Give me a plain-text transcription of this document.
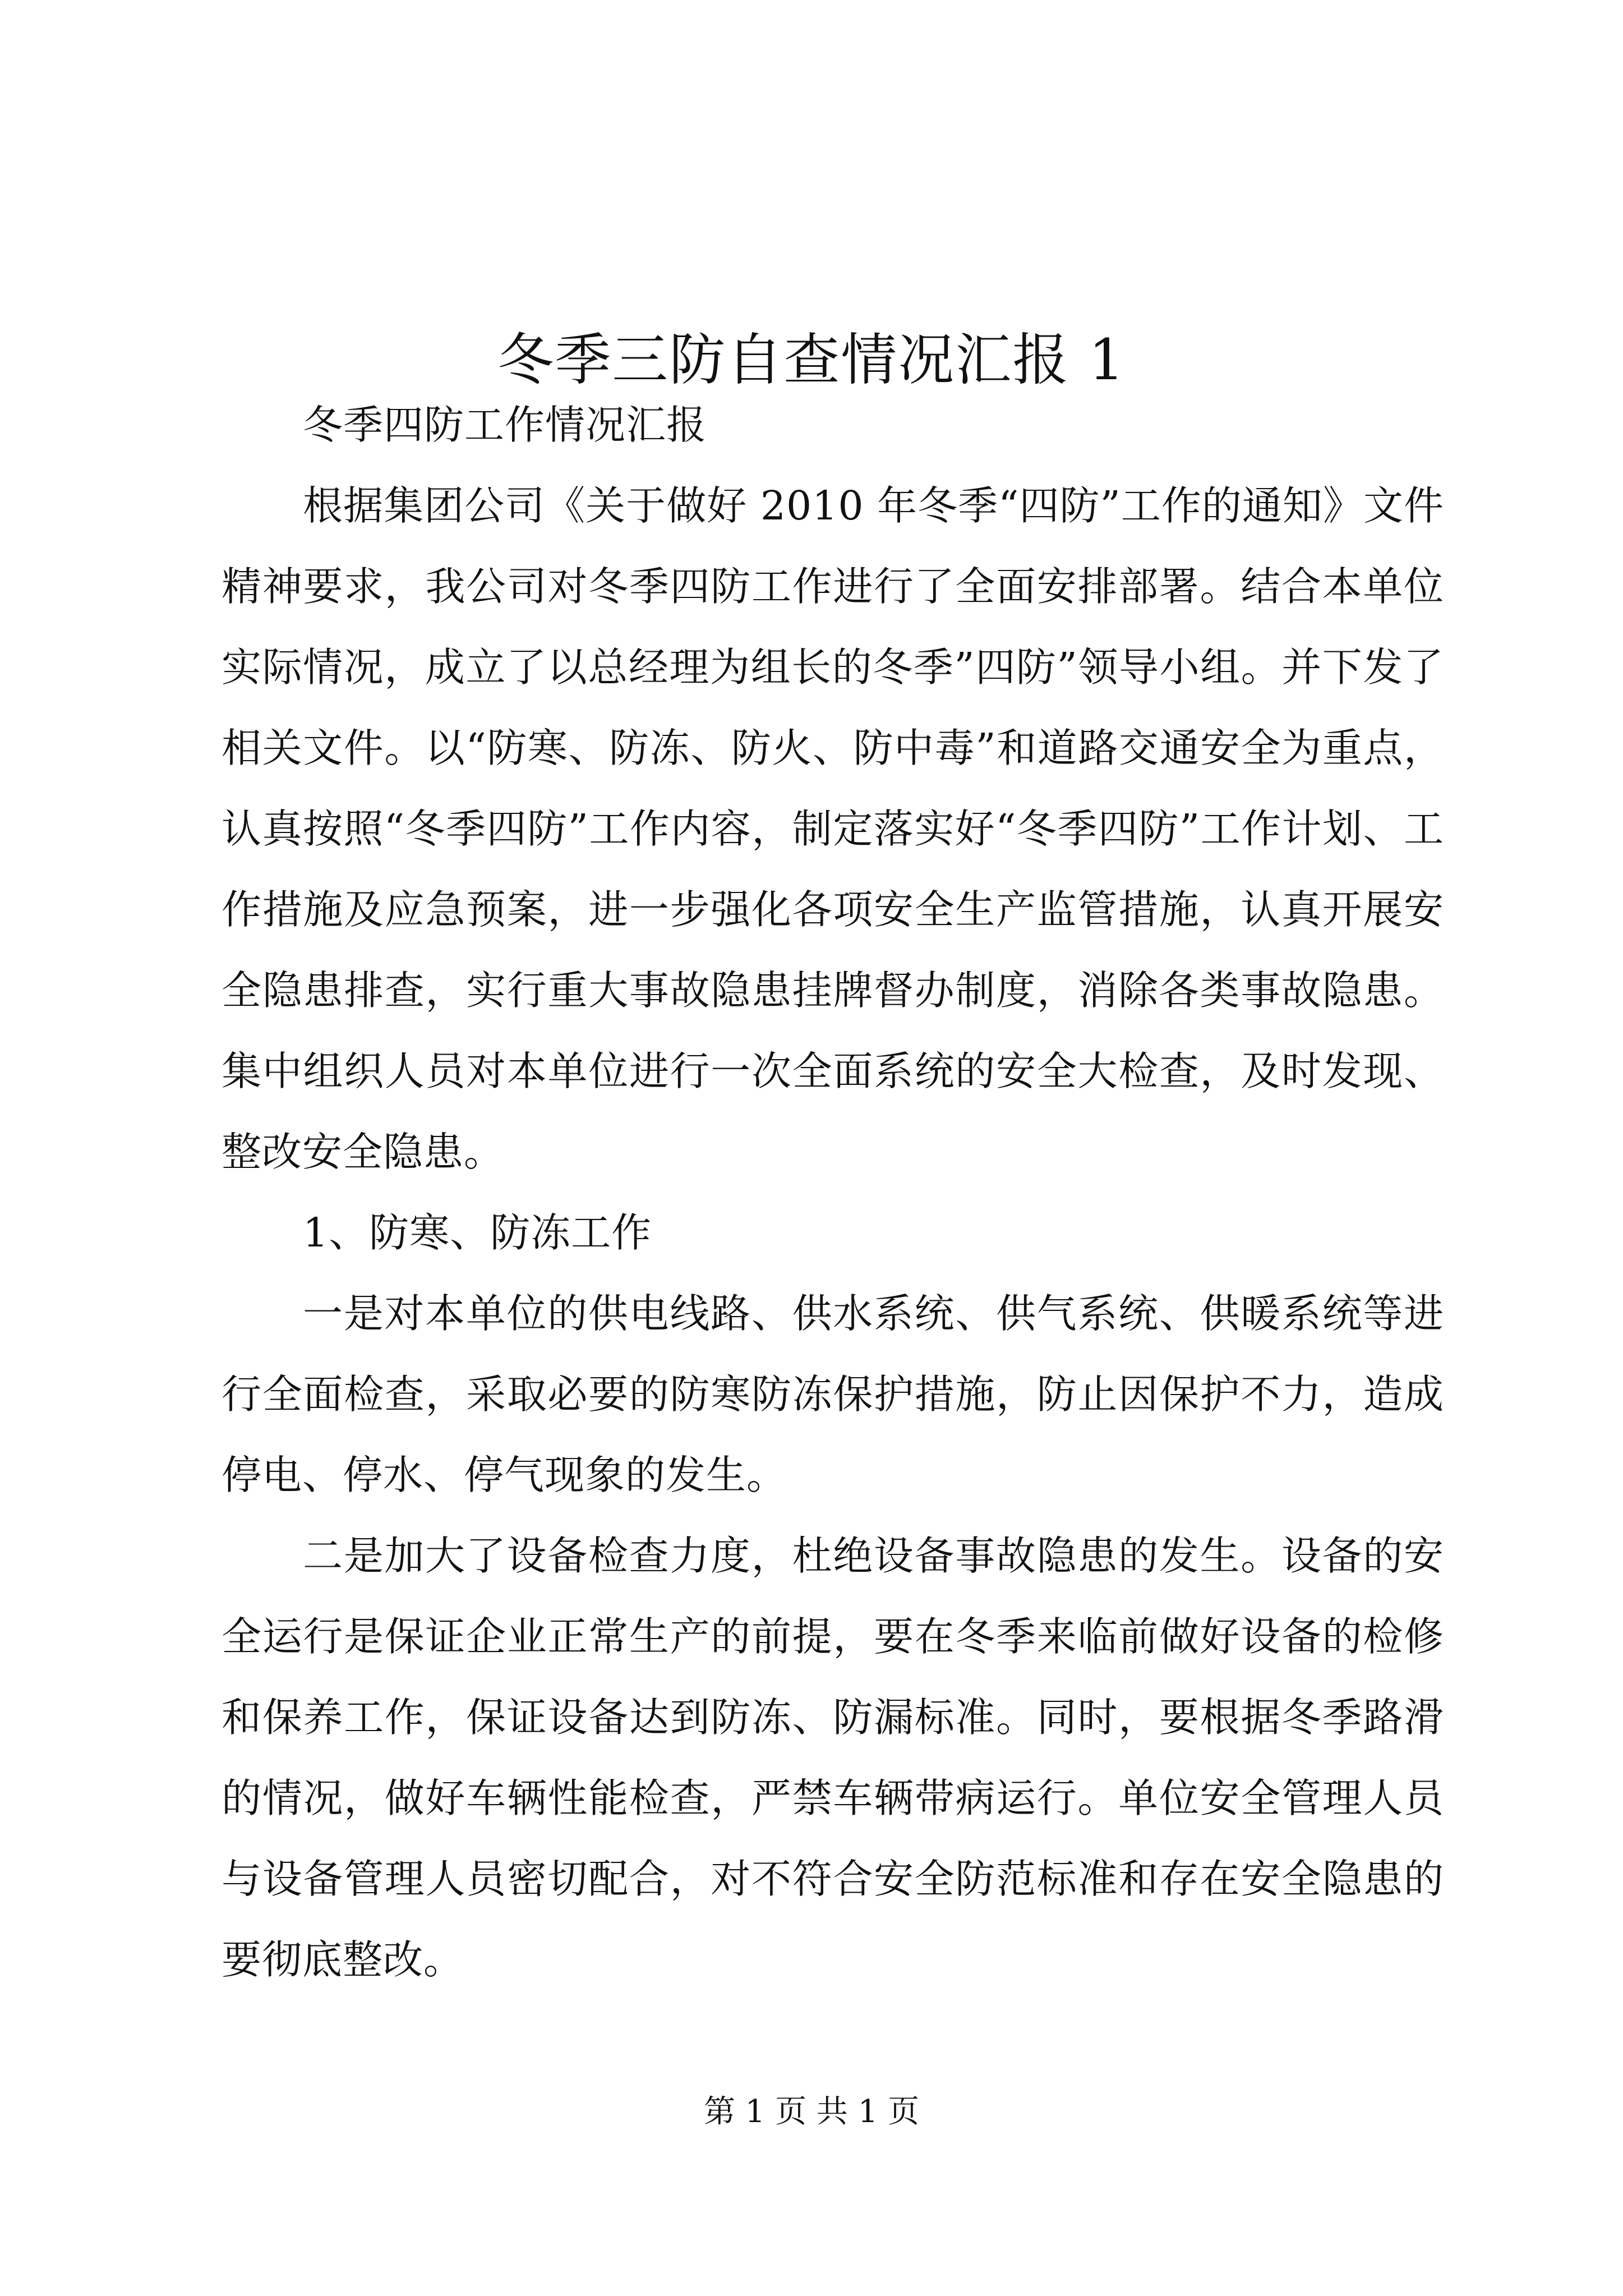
冬季三防自查情况汇报 1

冬季四防工作情况汇报

根据集团公司《关于做好 2010 年冬季“四防”工作的通知》文件精神要求，我公司对冬季四防工作进行了全面安排部署。结合本单位实际情况，成立了以总经理为组长的冬季”四防”领导小组。并下发了相关文件。以“防寒、防冻、防火、防中毒”和道路交通安全为重点，认真按照“冬季四防”工作内容，制定落实好“冬季四防”工作计划、工作措施及应急预案，进一步强化各项安全生产监管措施，认真开展安全隐患排查，实行重大事故隐患挂牌督办制度，消除各类事故隐患。集中组织人员对本单位进行一次全面系统的安全大检查，及时发现、整改安全隐患。

1、防寒、防冻工作

一是对本单位的供电线路、供水系统、供气系统、供暖系统等进行全面检查，采取必要的防寒防冻保护措施，防止因保护不力，造成停电、停水、停气现象的发生。

二是加大了设备检查力度，杜绝设备事故隐患的发生。设备的安全运行是保证企业正常生产的前提，要在冬季来临前做好设备的检修和保养工作，保证设备达到防冻、防漏标准。同时，要根据冬季路滑的情况，做好车辆性能检查，严禁车辆带病运行。单位安全管理人员与设备管理人员密切配合，对不符合安全防范标准和存在安全隐患的要彻底整改。

第 1 页 共 1 页
